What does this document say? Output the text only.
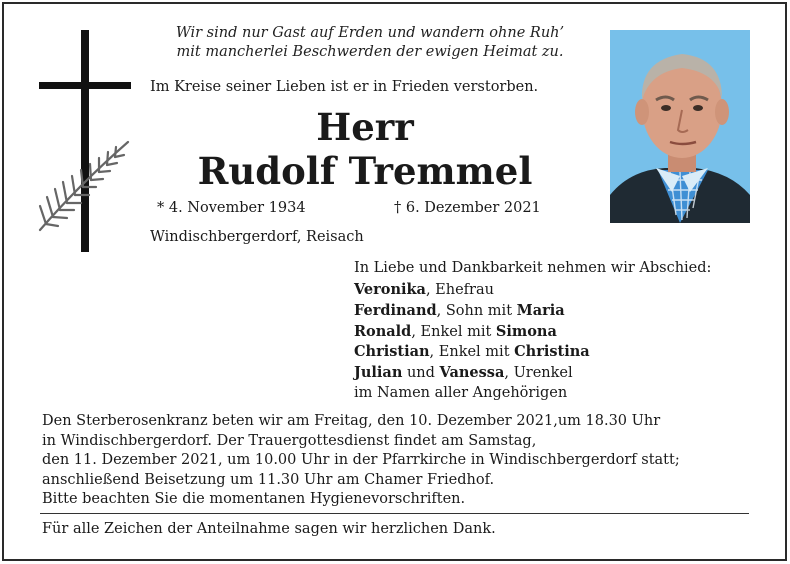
Wir sind nur Gast auf Erden und wandern ohne Ruh’
mit mancherlei Beschwerden der ewigen Heimat zu.
Im Kreise seiner Lieben ist er in Frieden verstorben.
Herr
Rudolf Tremmel
* 4. November 1934	† 6. Dezember 2021
Windischbergerdorf, Reisach
In Liebe und Dankbarkeit nehmen wir Abschied:
Veronika, Ehefrau
Ferdinand, Sohn mit Maria
Ronald, Enkel mit Simona
Christian, Enkel mit Christina
Julian und Vanessa, Urenkel
im Namen aller Angehörigen
Den Sterberosenkranz beten wir am Freitag, den 10. Dezember 2021,um 18.30 Uhr
in Windischbergerdorf. Der Trauergottesdienst findet am Samstag,
den 11. Dezember 2021, um 10.00 Uhr in der Pfarrkirche in Windischbergerdorf statt;
anschließend Beisetzung um 11.30 Uhr am Chamer Friedhof.
Bitte beachten Sie die momentanen Hygienevorschriften.
Für alle Zeichen der Anteilnahme sagen wir herzlichen Dank.
